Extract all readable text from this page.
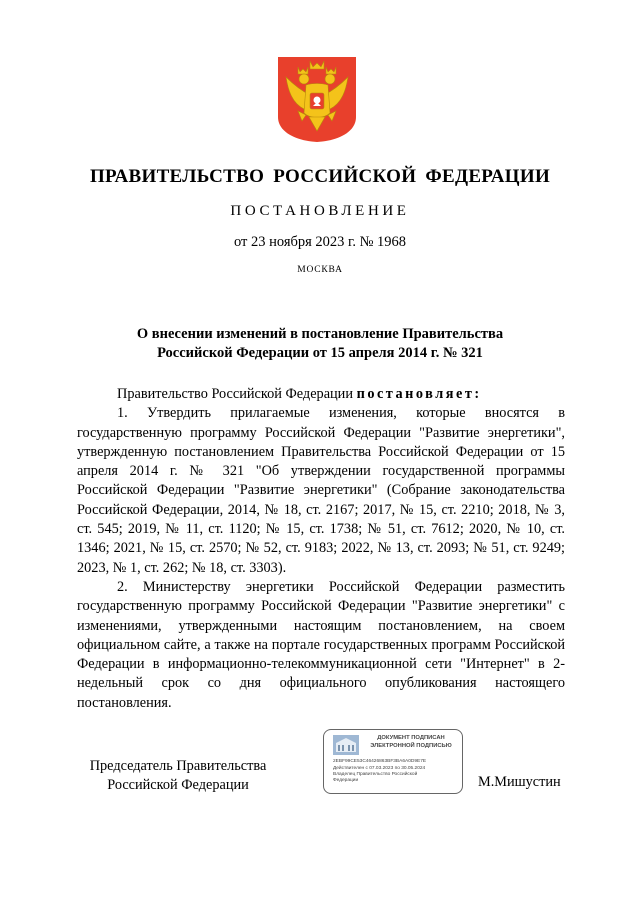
ПРАВИТЕЛЬСТВО РОССИЙСКОЙ ФЕДЕРАЦИИ
ПОСТАНОВЛЕНИЕ
от 23 ноября 2023 г. № 1968
МОСКВА
О внесении изменений в постановление Правительства
Российской Федерации от 15 апреля 2014 г. № 321

Правительство Российской Федерации постановляет:

1. Утвердить прилагаемые изменения, которые вносятся в государственную программу Российской Федерации "Развитие энергетики", утвержденную постановлением Правительства Российской Федерации от 15 апреля 2014 г. № 321 "Об утверждении государственной программы Российской Федерации "Развитие энергетики" (Собрание законодательства Российской Федерации, 2014, № 18, ст. 2167; 2017, № 15, ст. 2210; 2018, № 3, ст. 545; 2019, № 11, ст. 1120; № 15, ст. 1738; № 51, ст. 7612; 2020, № 10, ст. 1346; 2021, № 15, ст. 2570; № 52, ст. 9183; 2022, № 13, ст. 2093; № 51, ст. 9249; 2023, № 1, ст. 262; № 18, ст. 3303).

2. Министерству энергетики Российской Федерации разместить государственную программу Российской Федерации "Развитие энергетики" с изменениями, утвержденными настоящим постановлением, на своем официальном сайте, а также на портале государственных программ Российской Федерации в информационно-телекоммуникационной сети "Интернет" в 2-недельный срок со дня официального опубликования настоящего постановления.

Председатель Правительства
Российской Федерации
ДОКУМЕНТ ПОДПИСАН
ЭЛЕКТРОННОЙ ПОДПИСЬЮ
2EBF99CE53C46426863BF3BA6A0D9E7E
Действителен с 07.03.2023 по 30.05.2024
Владелец Правительство Российской
Федерации	М.Мишустин
